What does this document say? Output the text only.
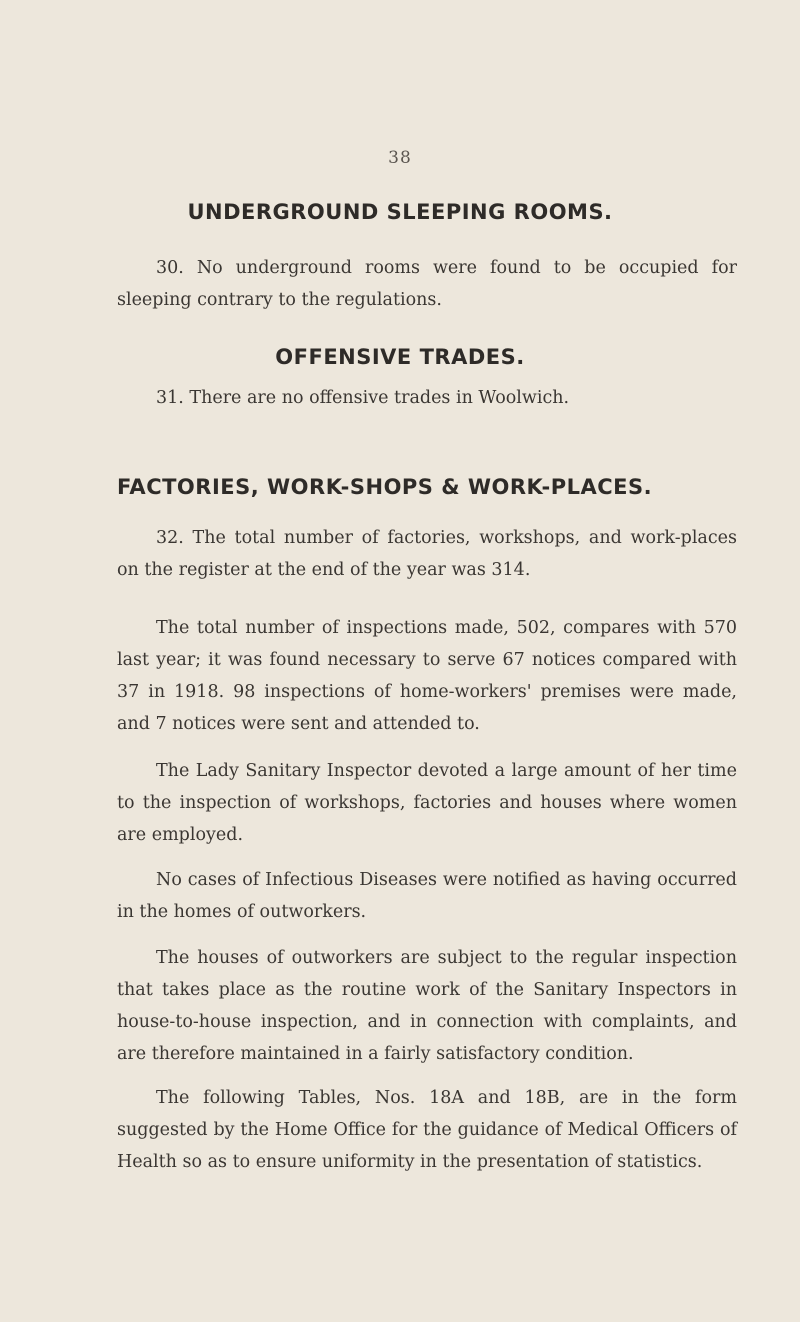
38
UNDERGROUND SLEEPING ROOMS.
30. No underground rooms were found to be occupied for sleeping contrary to the regulations.
OFFENSIVE TRADES.
31. There are no offensive trades in Woolwich.
FACTORIES, WORK-SHOPS & WORK-PLACES.
32. The total number of factories, workshops, and work-places on the register at the end of the year was 314.
The total number of inspections made, 502, compares with 570 last year; it was found necessary to serve 67 notices compared with 37 in 1918. 98 inspections of home-workers' premises were made, and 7 notices were sent and attended to.
The Lady Sanitary Inspector devoted a large amount of her time to the inspection of workshops, factories and houses where women are employed.
No cases of Infectious Diseases were notified as having occurred in the homes of outworkers.
The houses of outworkers are subject to the regular inspection that takes place as the routine work of the Sanitary Inspectors in house-to-house inspection, and in connection with complaints, and are therefore maintained in a fairly satisfactory condition.
The following Tables, Nos. 18A and 18B, are in the form suggested by the Home Office for the guidance of Medical Officers of Health so as to ensure uniformity in the presentation of statistics.
